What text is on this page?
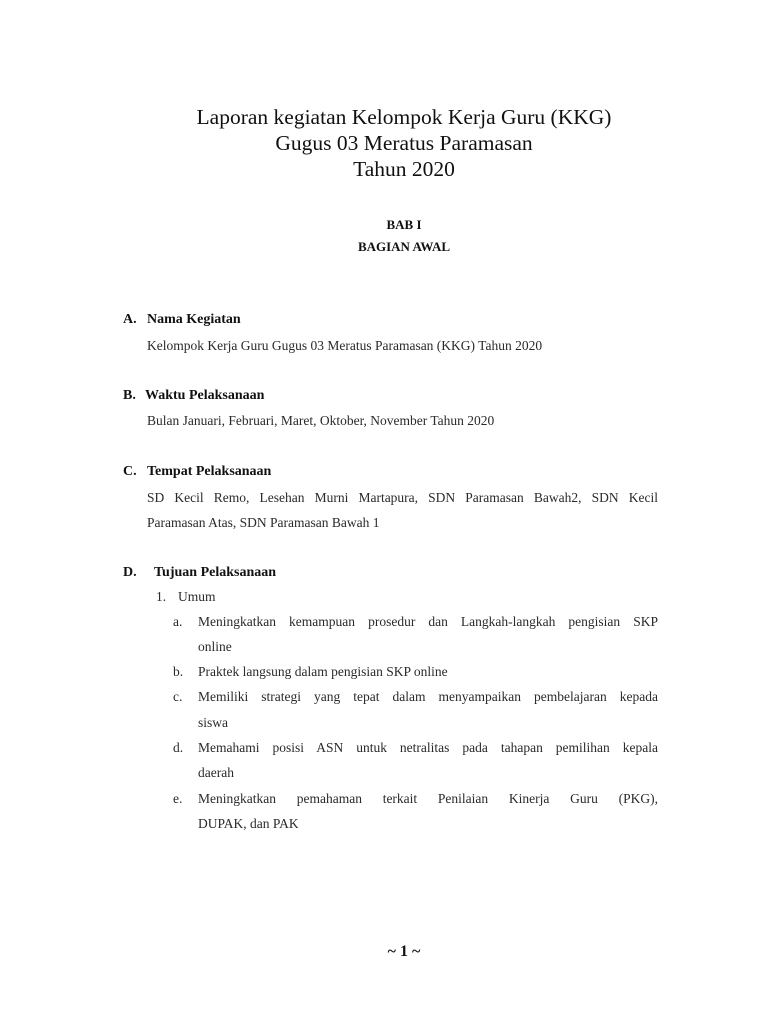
Laporan kegiatan Kelompok Kerja Guru (KKG)
Gugus 03 Meratus Paramasan
Tahun 2020
BAB I
BAGIAN AWAL
A. Nama Kegiatan
Kelompok Kerja Guru Gugus 03 Meratus Paramasan (KKG) Tahun 2020
B. Waktu Pelaksanaan
Bulan Januari, Februari, Maret, Oktober, November Tahun 2020
C. Tempat Pelaksanaan
SD Kecil Remo, Lesehan Murni Martapura, SDN Paramasan Bawah2, SDN Kecil
Paramasan Atas, SDN Paramasan Bawah 1
D. Tujuan Pelaksanaan
1. Umum
a. Meningkatkan kemampuan prosedur dan Langkah-langkah pengisian SKP
online
b. Praktek langsung dalam pengisian SKP online
c. Memiliki strategi yang tepat dalam menyampaikan pembelajaran kepada
siswa
d. Memahami posisi ASN untuk netralitas pada tahapan pemilihan kepala
daerah
e. Meningkatkan pemahaman terkait Penilaian Kinerja Guru (PKG),
DUPAK, dan PAK
~ 1 ~
